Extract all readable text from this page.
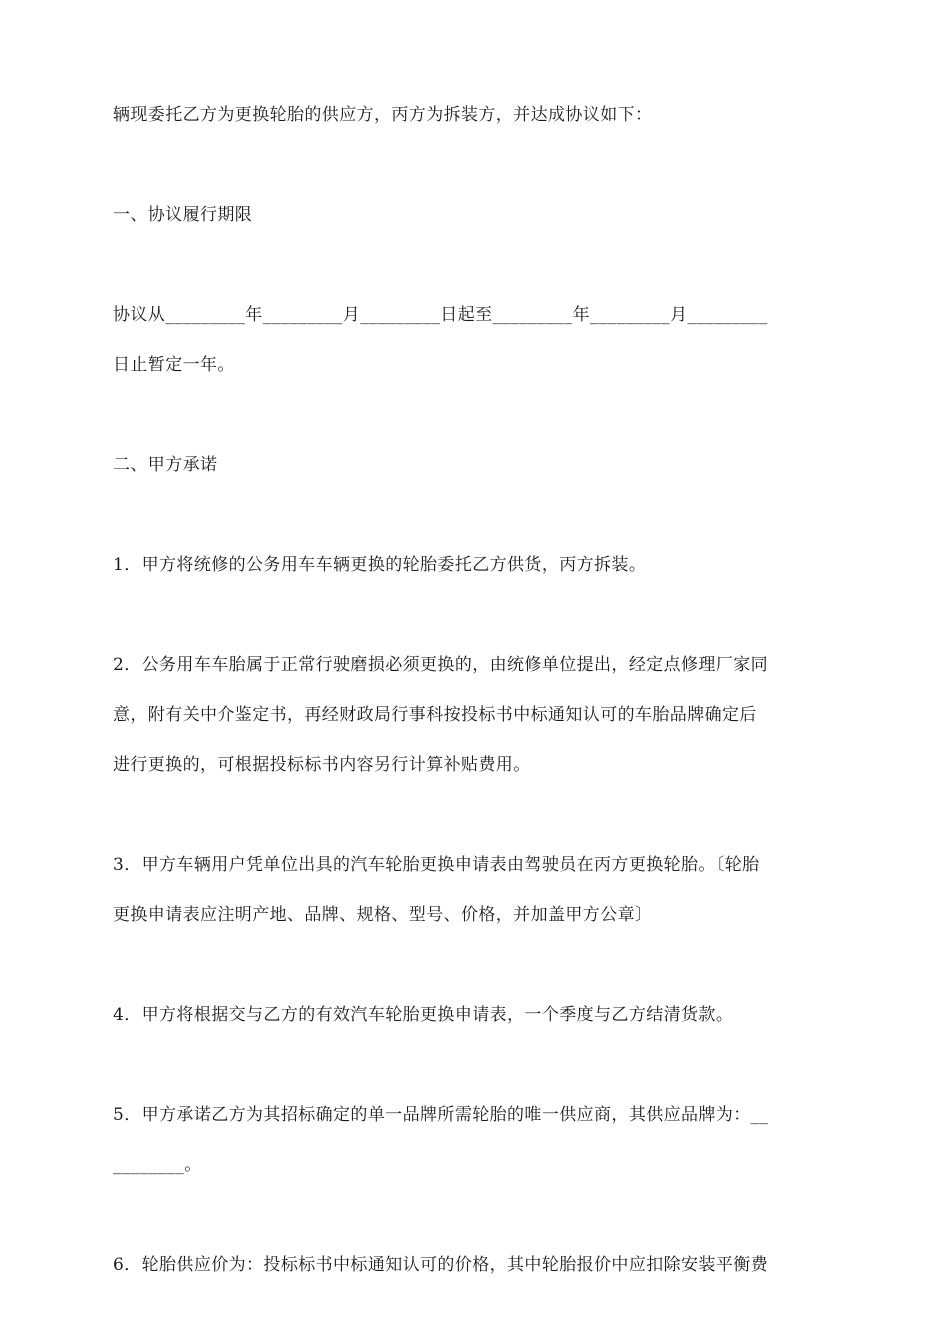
辆现委托乙方为更换轮胎的供应方，丙方为拆装方，并达成协议如下：
一、协议履行期限
协议从_________年_________月_________日起至_________年_________月_________
日止暂定一年。
二、甲方承诺
1．甲方将统修的公务用车车辆更换的轮胎委托乙方供货，丙方拆装。
2．公务用车车胎属于正常行驶磨损必须更换的，由统修单位提出，经定点修理厂家同
意，附有关中介鉴定书，再经财政局行事科按投标书中标通知认可的车胎品牌确定后
进行更换的，可根据投标标书内容另行计算补贴费用。
3．甲方车辆用户凭单位出具的汽车轮胎更换申请表由驾驶员在丙方更换轮胎。〔轮胎
更换申请表应注明产地、品牌、规格、型号、价格，并加盖甲方公章〕
4．甲方将根据交与乙方的有效汽车轮胎更换申请表，一个季度与乙方结清货款。
5．甲方承诺乙方为其招标确定的单一品牌所需轮胎的唯一供应商，其供应品牌为：__
________。
6．轮胎供应价为：投标标书中标通知认可的价格，其中轮胎报价中应扣除安装平衡费
